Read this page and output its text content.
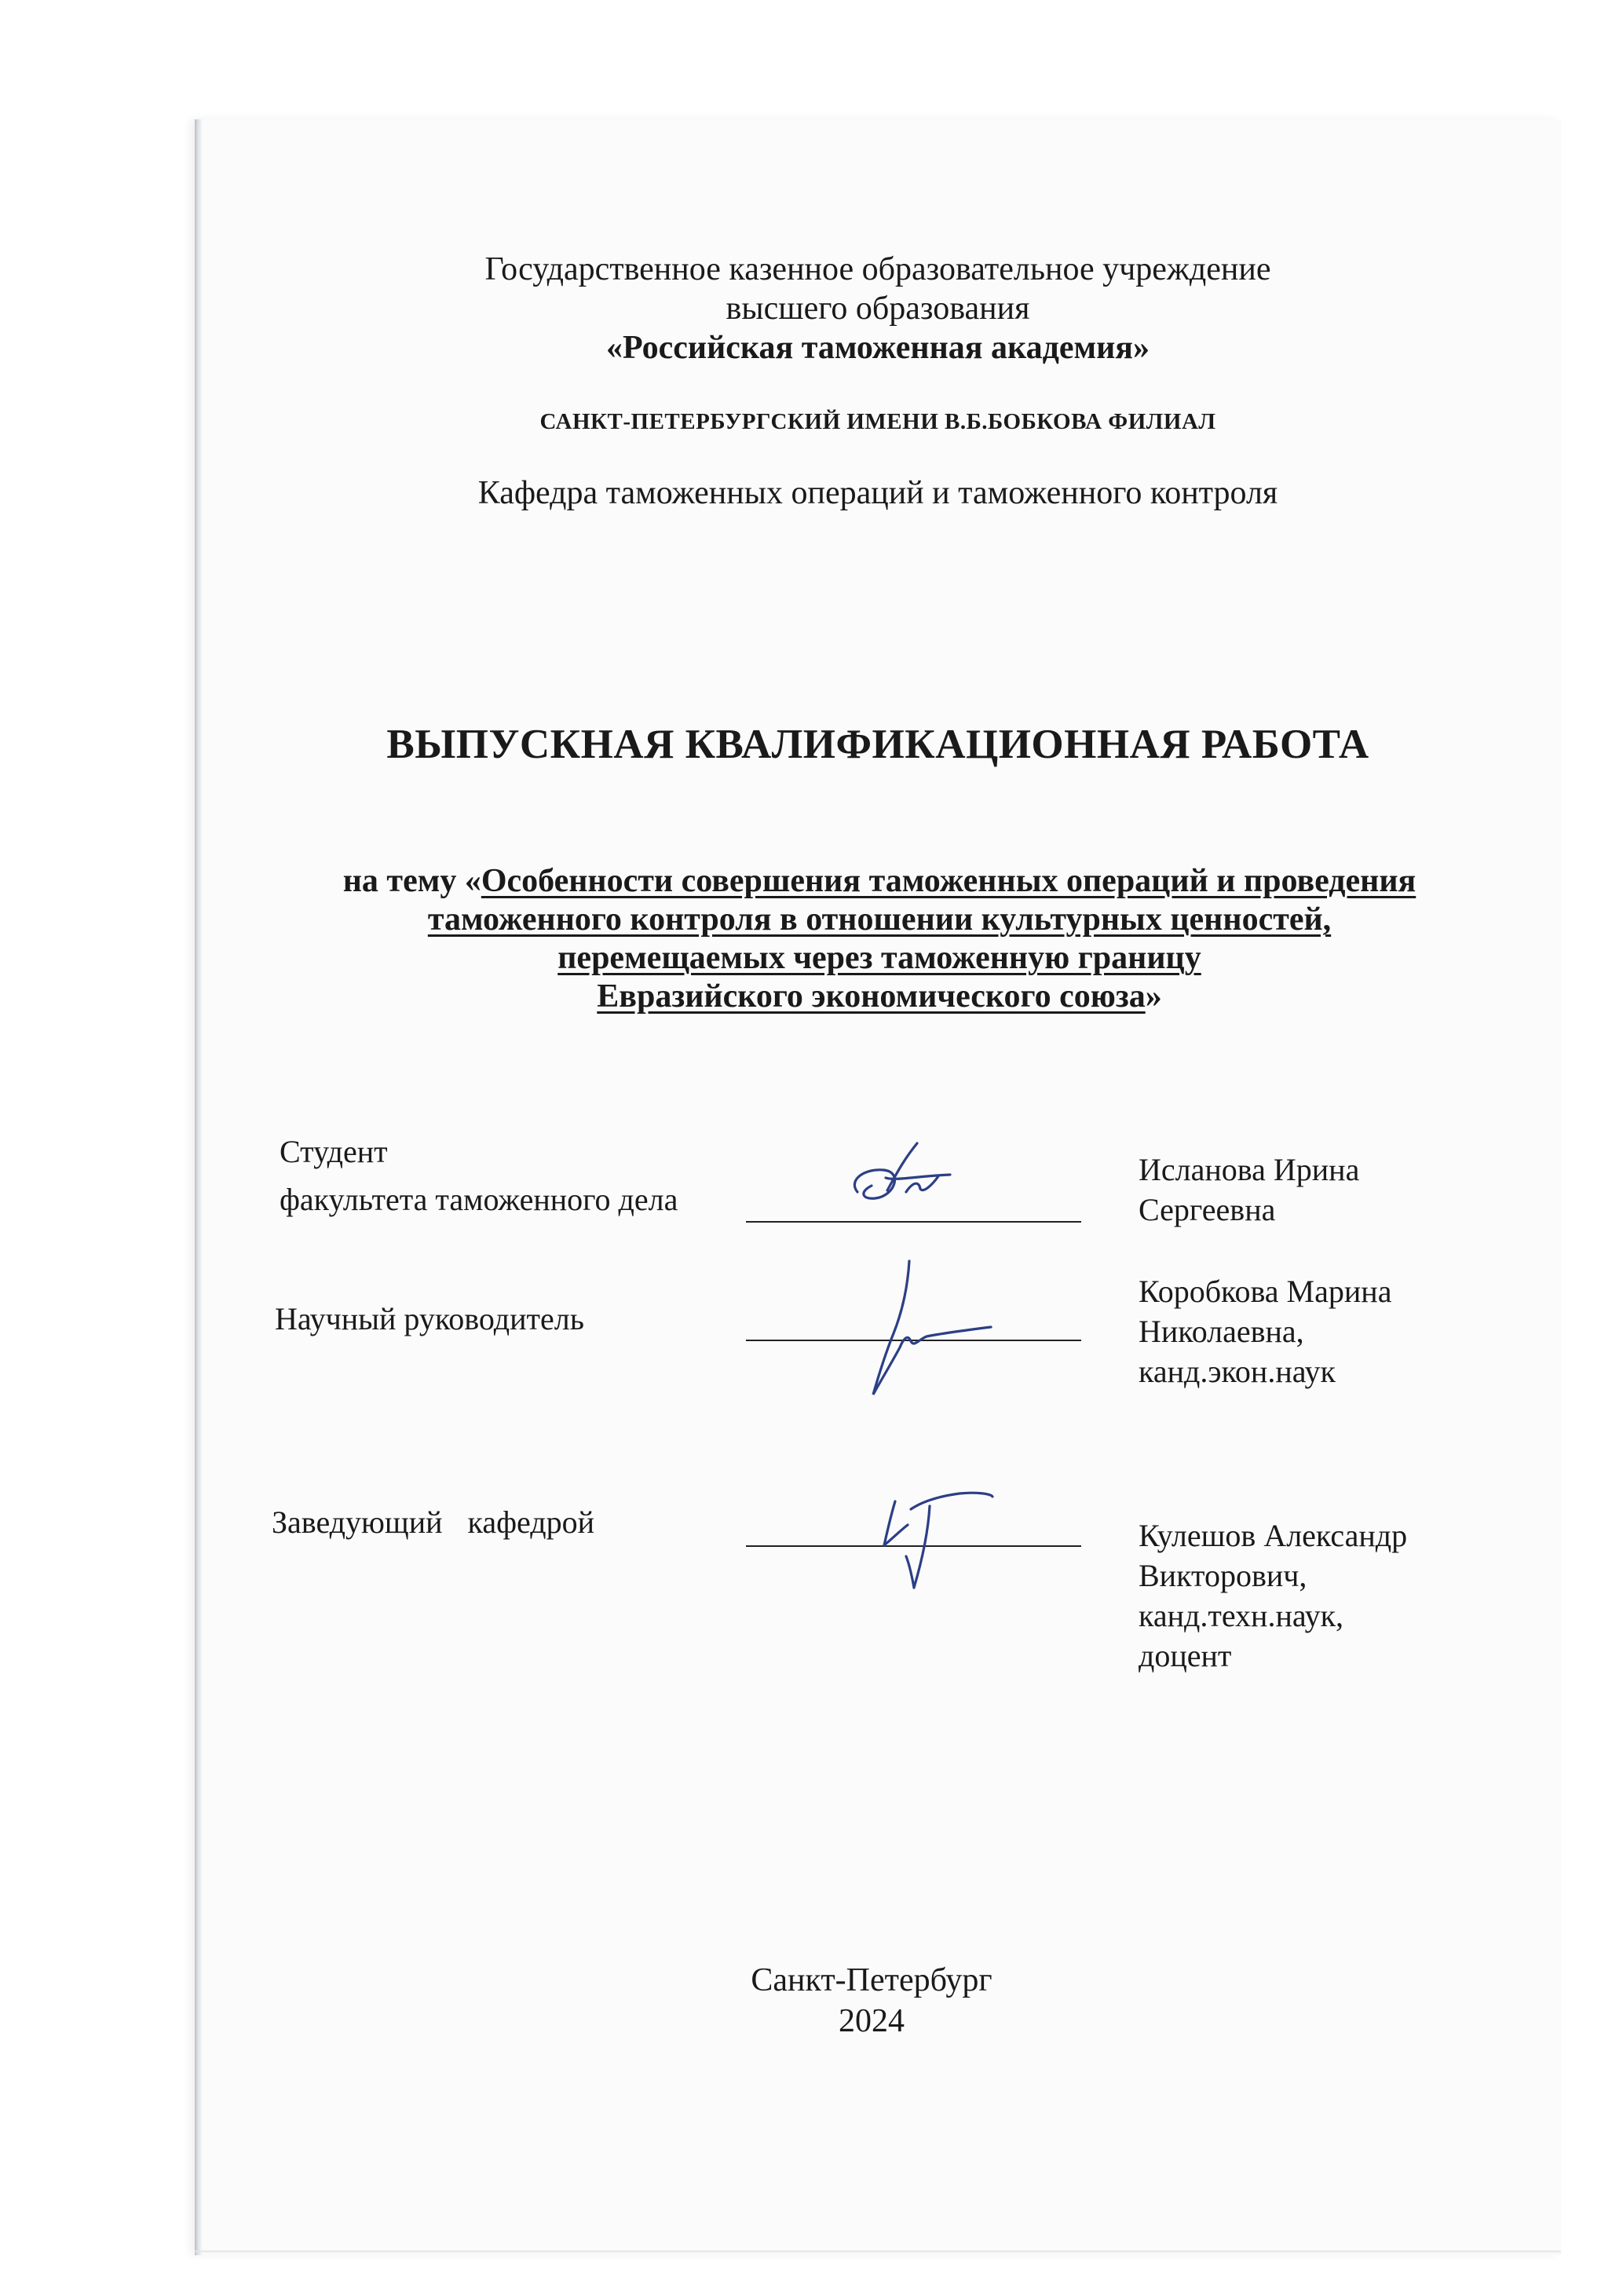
Государственное казенное образовательное учреждение
высшего образования
«Российская таможенная академия»
САНКТ-ПЕТЕРБУРГСКИЙ ИМЕНИ В.Б.БОБКОВА ФИЛИАЛ
Кафедра таможенных операций и таможенного контроля
ВЫПУСКНАЯ КВАЛИФИКАЦИОННАЯ РАБОТА
на тему «Особенности совершения таможенных операций и проведения
таможенного контроля в отношении культурных ценностей,
перемещаемых через таможенную границу
Евразийского экономического союза»
Студент
факультета таможенного дела
Исланова Ирина
Сергеевна
Научный руководитель
Коробкова Марина
Николаевна,
канд.экон.наук
Заведующий кафедрой	Кулешов Александр
Викторович,
канд.техн.наук,
доцент
Санкт-Петербург
2024
